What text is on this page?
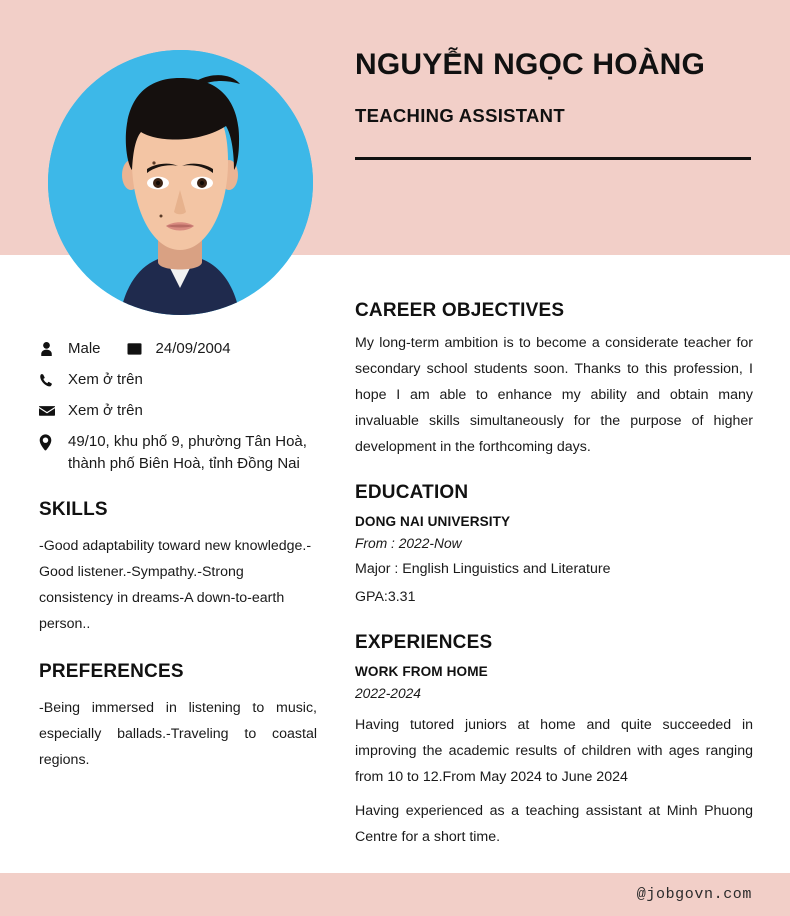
NGUYỄN NGỌC HOÀNG
TEACHING ASSISTANT
Male	24/09/2004
Xem ở trên
Xem ở trên
49/10, khu phố 9, phường Tân Hoà, thành phố Biên Hoà, tỉnh Đồng Nai
SKILLS
-Good adaptability toward new knowledge.-Good listener.-Sympathy.-Strong consistency in dreams-A down-to-earth person..
PREFERENCES
-Being immersed in listening to music, especially ballads.-Traveling to coastal regions.
CAREER OBJECTIVES
My long-term ambition is to become a considerate teacher for secondary school students soon. Thanks to this profession, I hope I am able to enhance my ability and obtain many invaluable skills simultaneously for the purpose of higher development in the forthcoming days.
EDUCATION
DONG NAI UNIVERSITY
From : 2022-Now
Major : English Linguistics and Literature
GPA:3.31
EXPERIENCES
WORK FROM HOME
2022-2024
Having tutored juniors at home and quite succeeded in improving the academic results of children with ages ranging from 10 to 12.From May 2024 to June 2024
Having experienced as a teaching assistant at Minh Phuong Centre for a short time.
@jobgovn.com
